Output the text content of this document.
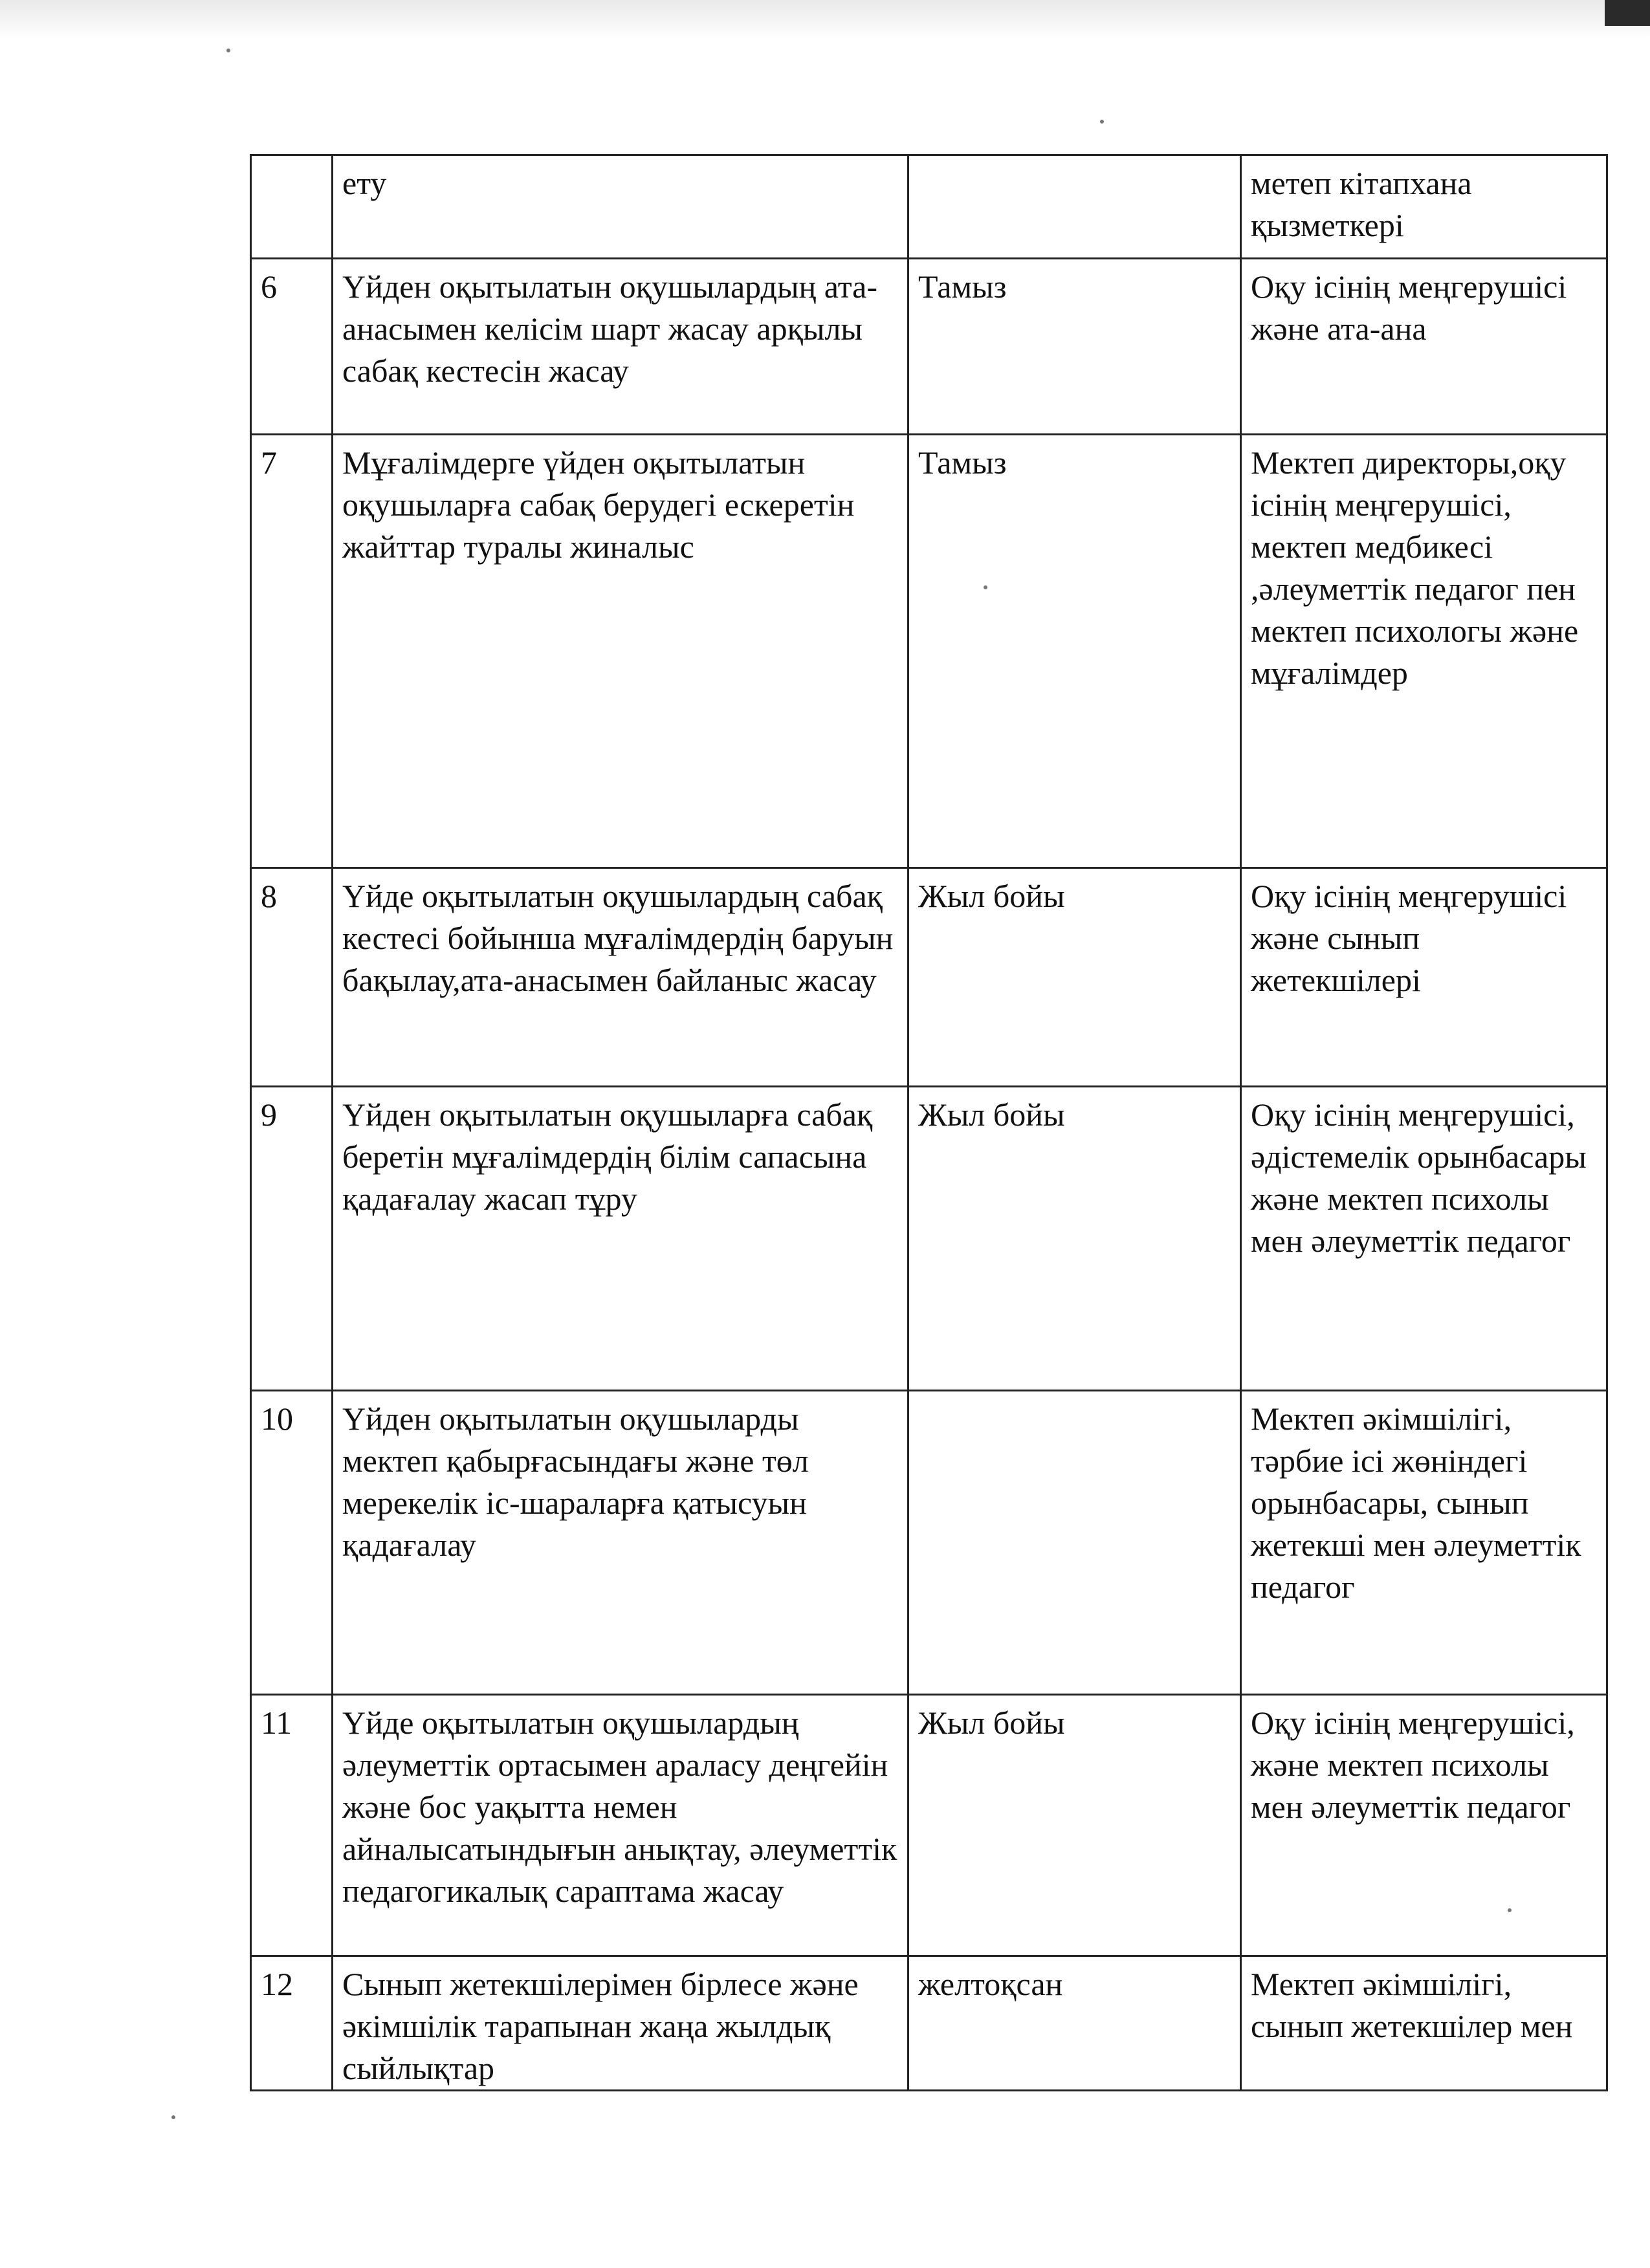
	ету		метеп кітапхана қызметкері

6	Үйден оқытылатын оқушылардың ата-анасымен келісім шарт жасау арқылы сабақ кестесін жасау	Тамыз	Оқу ісінің меңгерушісі және ата-ана

7	Мұғалімдерге үйден оқытылатын оқушыларға сабақ берудегі ескеретін жайттар туралы жиналыс	Тамыз	Мектеп директоры,оқу ісінің меңгерушісі, мектеп медбикесі ,әлеуметтік педагог пен мектеп психологы және мұғалімдер

8	Үйде оқытылатын оқушылардың сабақ кестесі бойынша мұғалімдердің баруын бақылау,ата-анасымен байланыс жасау	Жыл бойы	Оқу ісінің меңгерушісі және сынып жетекшілері

9	Үйден оқытылатын оқушыларға сабақ беретін мұғалімдердің білім сапасына қадағалау жасап тұру	Жыл бойы	Оқу ісінің меңгерушісі, әдістемелік орынбасары және мектеп психолы мен әлеуметтік педагог

10	Үйден оқытылатын оқушыларды мектеп қабырғасындағы және төл мерекелік іс-шараларға қатысуын қадағалау		Мектеп әкімшілігі, тәрбие ісі жөніндегі орынбасары, сынып жетекші мен әлеуметтік педагог

11	Үйде оқытылатын оқушылардың әлеуметтік ортасымен араласу деңгейін және бос уақытта немен айналысатындығын анықтау, әлеуметтік педагогикалық сараптама жасау	Жыл бойы	Оқу ісінің меңгерушісі, және мектеп психолы мен әлеуметтік педагог

12	Сынып жетекшілерімен бірлесе және әкімшілік тарапынан жаңа жылдық сыйлықтар	желтоқсан	Мектеп әкімшілігі, сынып жетекшілер мен
